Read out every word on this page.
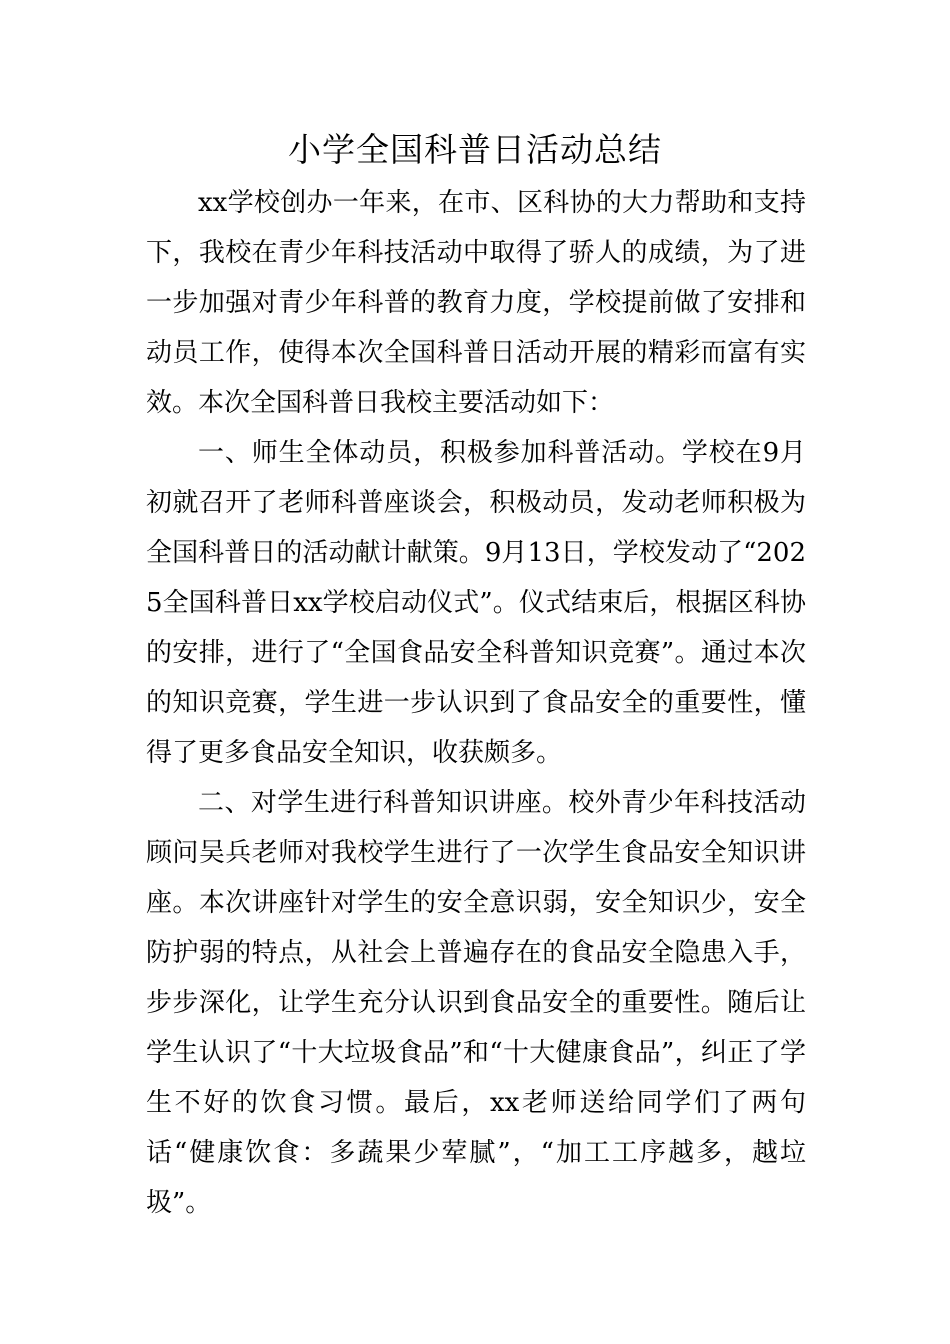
小学全国科普日活动总结

xx学校创办一年来，在市、区科协的大力帮助和支持下，我校在青少年科技活动中取得了骄人的成绩，为了进一步加强对青少年科普的教育力度，学校提前做了安排和动员工作，使得本次全国科普日活动开展的精彩而富有实效。本次全国科普日我校主要活动如下：

一、师生全体动员，积极参加科普活动。学校在9月初就召开了老师科普座谈会，积极动员，发动老师积极为全国科普日的活动献计献策。9月13日，学校发动了“2025全国科普日xx学校启动仪式”。仪式结束后，根据区科协的安排，进行了“全国食品安全科普知识竞赛”。通过本次的知识竞赛，学生进一步认识到了食品安全的重要性，懂得了更多食品安全知识，收获颇多。

二、对学生进行科普知识讲座。校外青少年科技活动顾问吴兵老师对我校学生进行了一次学生食品安全知识讲座。本次讲座针对学生的安全意识弱，安全知识少，安全防护弱的特点，从社会上普遍存在的食品安全隐患入手，步步深化，让学生充分认识到食品安全的重要性。随后让学生认识了“十大垃圾食品”和“十大健康食品”，纠正了学生不好的饮食习惯。最后，xx老师送给同学们了两句话“健康饮食：多蔬果少荤腻”，“加工工序越多，越垃圾”。
